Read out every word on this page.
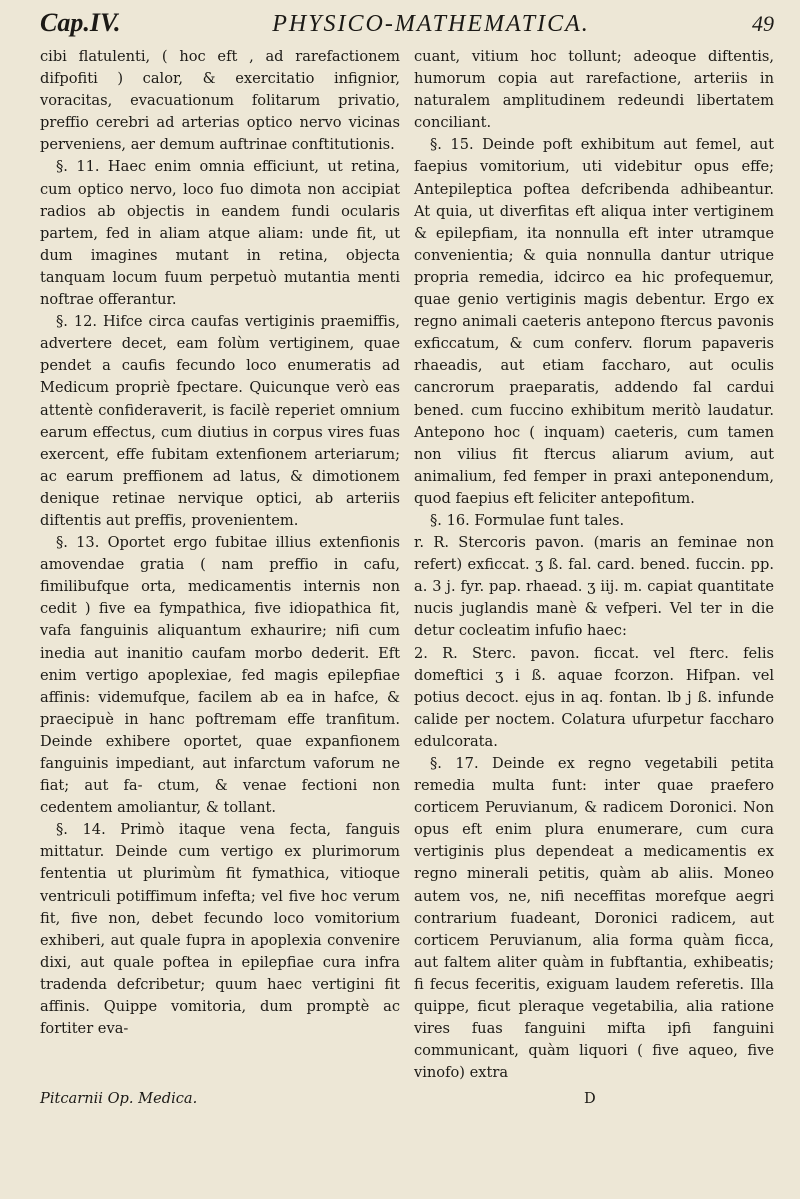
Cap.IV.	PHYSICO-MATHEMATICA.	49

cibi flatulenti, ( hoc eft , ad rarefactionem difpofiti ) calor, & exercitatio infignior, voracitas, evacuationum folitarum privatio, preffio cerebri ad arterias optico nervo vicinas perveniens, aer demum auftrinae conftitutionis.

§. 11. Haec enim omnia efficiunt, ut retina, cum optico nervo, loco fuo dimota non accipiat radios ab objectis in eandem fundi ocularis partem, fed in aliam atque aliam: unde fit, ut dum imagines mutant in retina, objecta tanquam locum fuum perpetuò mutantia menti noftrae offerantur.

§. 12. Hifce circa caufas vertiginis praemiffis, advertere decet, eam folùm vertiginem, quae pendet a caufis fecundo loco enumeratis ad Medicum propriè fpectare. Quicunque verò eas attentè confideraverit, is facilè reperiet omnium earum effectus, cum diutius in corpus vires fuas exercent, effe fubitam extenfionem arteriarum; ac earum preffionem ad latus, & dimotionem denique retinae nervique optici, ab arteriis diftentis aut preffis, provenientem.

§. 13. Oportet ergo fubitae illius extenfionis amovendae gratia ( nam preffio in cafu, fimilibufque orta, medicamentis internis non cedit ) five ea fympathica, five idiopathica fit, vafa fanguinis aliquantum exhaurire; nifi cum inedia aut inanitio caufam morbo dederit. Eft enim vertigo apoplexiae, fed magis epilepfiae affinis: videmufque, facilem ab ea in hafce, & praecipuè in hanc poftremam effe tranfitum. Deinde exhibere oportet, quae expanfionem fanguinis impediant, aut infarctum vaforum ne fiat; aut fa- ctum, & venae fectioni non cedentem amoliantur, & tollant.

§. 14. Primò itaque vena fecta, fanguis mittatur. Deinde cum vertigo ex plurimorum fententia ut plurimùm fit fymathica, vitioque ventriculi potiffimum infefta; vel five hoc verum fit, five non, debet fecundo loco vomitorium exhiberi, aut quale fupra in apoplexia convenire dixi, aut quale poftea in epilepfiae cura infra tradenda defcribetur; quum haec vertigini fit affinis. Quippe vomitoria, dum promptè ac fortiter eva-

cuant, vitium hoc tollunt; adeoque diftentis, humorum copia aut rarefactione, arteriis in naturalem amplitudinem redeundi libertatem conciliant.

§. 15. Deinde poft exhibitum aut femel, aut faepius vomitorium, uti videbitur opus effe; Antepileptica poftea defcribenda adhibeantur. At quia, ut diverfitas eft aliqua inter vertiginem & epilepfiam, ita nonnulla eft inter utramque convenientia; & quia nonnulla dantur utrique propria remedia, idcirco ea hic profequemur, quae genio vertiginis magis debentur. Ergo ex regno animali caeteris antepono ftercus pavonis exficcatum, & cum conferv. florum papaveris rhaeadis, aut etiam faccharo, aut oculis cancrorum praeparatis, addendo fal cardui bened. cum fuccino exhibitum meritò laudatur. Antepono hoc ( inquam) caeteris, cum tamen non vilius fit ftercus aliarum avium, aut animalium, fed femper in praxi anteponendum, quod faepius eft feliciter antepofitum.

§. 16. Formulae funt tales.

r. R. Stercoris pavon. (maris an feminae non refert) exficcat. ʒ ß. fal. card. bened. fuccin. pp. a. 3 j. fyr. pap. rhaead. ʒ iij. m. capiat quantitate nucis juglandis manè & vefperi. Vel ter in die detur cocleatim infufio haec:

2. R. Sterc. pavon. ficcat. vel fterc. felis domeftici ʒ i ß. aquae fcorzon. Hifpan. vel potius decoct. ejus in aq. fontan. lb j ß. infunde calide per noctem. Colatura ufurpetur faccharo edulcorata.

§. 17. Deinde ex regno vegetabili petita remedia multa funt: inter quae praefero corticem Peruvianum, & radicem Doronici. Non opus eft enim plura enumerare, cum cura vertiginis plus dependeat a medicamentis ex regno minerali petitis, quàm ab aliis. Moneo autem vos, ne, nifi neceffitas morefque aegri contrarium fuadeant, Doronici radicem, aut corticem Peruvianum, alia forma quàm ficca, aut faltem aliter quàm in fubftantia, exhibeatis; fi fecus feceritis, exiguam laudem referetis. Illa quippe, ficut pleraque vegetabilia, alia ratione vires fuas fanguini mifta ipfi fanguini communicant, quàm liquori ( five aqueo, five vinofo) extra

Pitcarnii Op. Medica.	D
